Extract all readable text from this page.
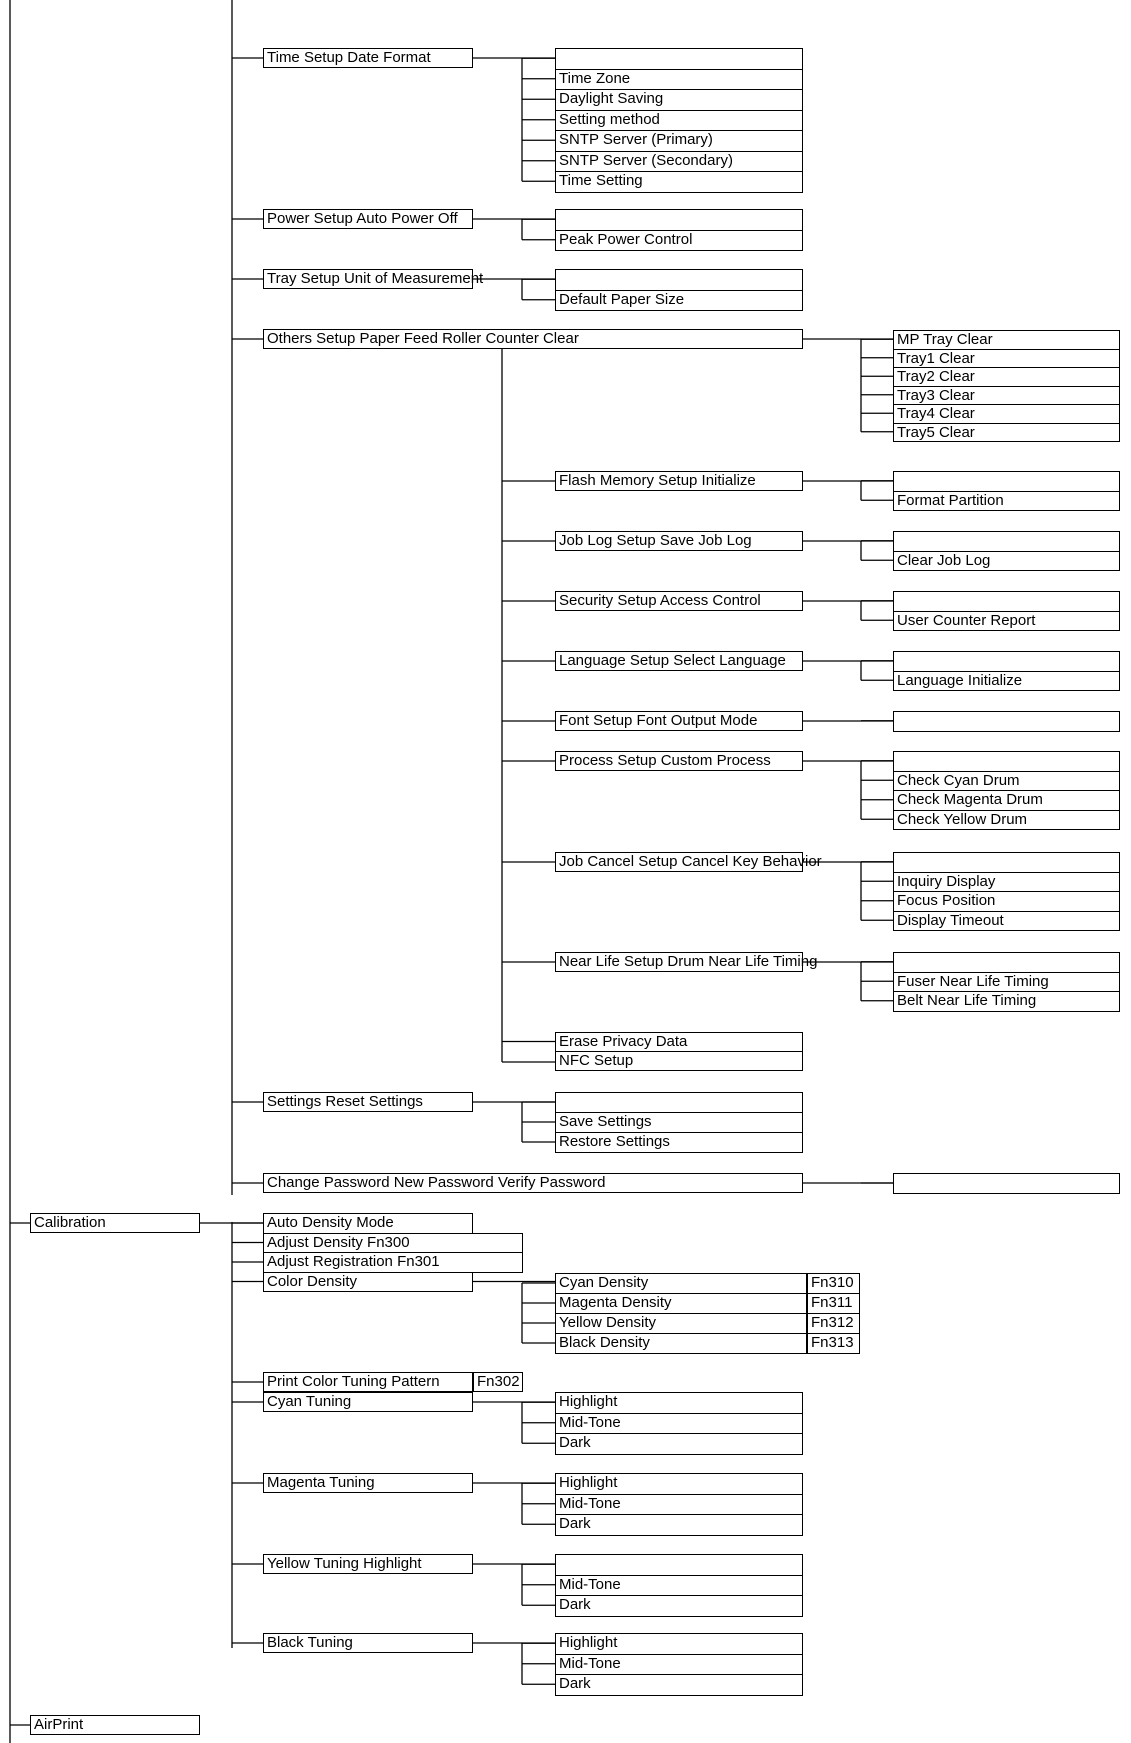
Time Setup Date Format
Time Zone
Daylight Saving
Setting method
SNTP Server (Primary)
SNTP Server (Secondary)
Time Setting
Power Setup Auto Power Off
Peak Power Control
Tray Setup Unit of Measurement
Default Paper Size
Others Setup Paper Feed Roller Counter Clear	MP Tray Clear
Tray1 Clear
Tray2 Clear
Tray3 Clear
Tray4 Clear
Tray5 Clear
Flash Memory Setup Initialize
Format Partition
Job Log Setup Save Job Log
Clear Job Log
Security Setup Access Control
User Counter Report
Language Setup Select Language
Language Initialize
Font Setup Font Output Mode
Process Setup Custom Process
Check Cyan Drum
Check Magenta Drum
Check Yellow Drum
Job Cancel Setup Cancel Key Behavior
Inquiry Display
Focus Position
Display Timeout
Near Life Setup Drum Near Life Timing
Fuser Near Life Timing
Belt Near Life Timing
Erase Privacy Data
NFC Setup
Settings Reset Settings
Save Settings
Restore Settings
Change Password New Password Verify Password
Calibration	Auto Density Mode
Adjust Density Fn300
Adjust Registration Fn301
Color Density	Cyan Density	Fn310
Magenta Density	Fn311
Yellow Density	Fn312
Black Density	Fn313
Print Color Tuning Pattern	Fn302
Cyan Tuning	Highlight
Mid-Tone
Dark
Magenta Tuning	Highlight
Mid-Tone
Dark
Yellow Tuning Highlight
Mid-Tone
Dark
Black Tuning	Highlight
Mid-Tone
Dark
AirPrint
